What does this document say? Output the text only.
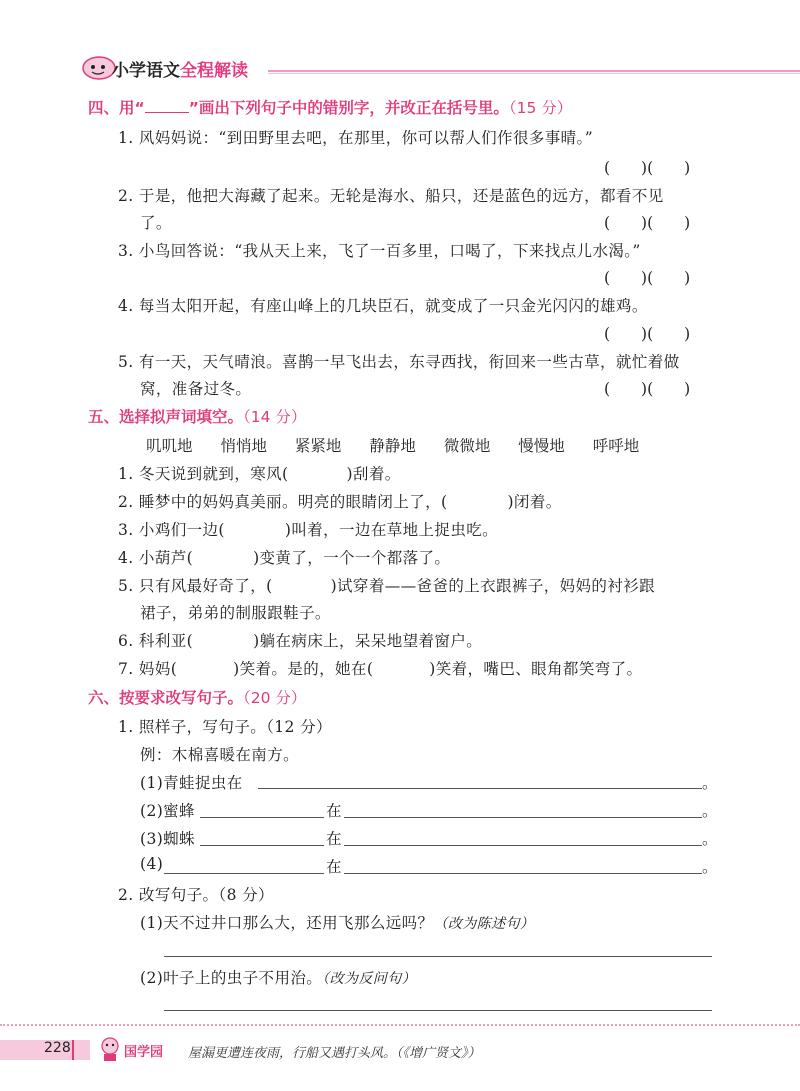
小学语文全程解读
四、用“	”画出下列句子中的错别字，并改正在括号里。（15 分）
1. 风妈妈说：“到田野里去吧，在那里，你可以帮人们作很多事晴。”
(　　)(　　)
2. 于是，他把大海藏了起来。无轮是海水、船只，还是蓝色的远方，都看不见
了。	(　　)(　　)
3. 小鸟回答说：“我从天上来，飞了一百多里，口喝了，下来找点儿水渴。”
(　　)(　　)
4. 每当太阳开起，有座山峰上的几块臣石，就变成了一只金光闪闪的雄鸡。
(　　)(　　)
5. 有一天，天气晴浪。喜鹊一早飞出去，东寻西找，衔回来一些古草，就忙着做
窝，准备过冬。	(　　)(　　)
五、选择拟声词填空。（14 分）
叽叽地 悄悄地 紧紧地 静静地 微微地 慢慢地 呼呼地
1. 冬天说到就到，寒风(	)刮着。
2. 睡梦中的妈妈真美丽。明亮的眼睛闭上了，(	)闭着。
3. 小鸡们一边(	)叫着，一边在草地上捉虫吃。
4. 小葫芦(	)变黄了，一个一个都落了。
5. 只有风最好奇了，(	)试穿着——爸爸的上衣跟裤子，妈妈的衬衫跟
裙子，弟弟的制服跟鞋子。
6. 科利亚(	)躺在病床上，呆呆地望着窗户。
7. 妈妈(	)笑着。是的，她在(	)笑着，嘴巴、眼角都笑弯了。
六、按要求改写句子。（20 分）
1. 照样子，写句子。（12 分）
例：木棉喜暖在南方。
(1)青蛙捉虫在	。
(2)蜜蜂	在	。
(3)蜘蛛	在	。
(4)	在	。
2. 改写句子。（8 分）
(1)天不过井口那么大，还用飞那么远吗？（改为陈述句）
(2)叶子上的虫子不用治。（改为反问句）
228	国学园 屋漏更遭连夜雨，行船又遇打头风。（《增广贤文》）
